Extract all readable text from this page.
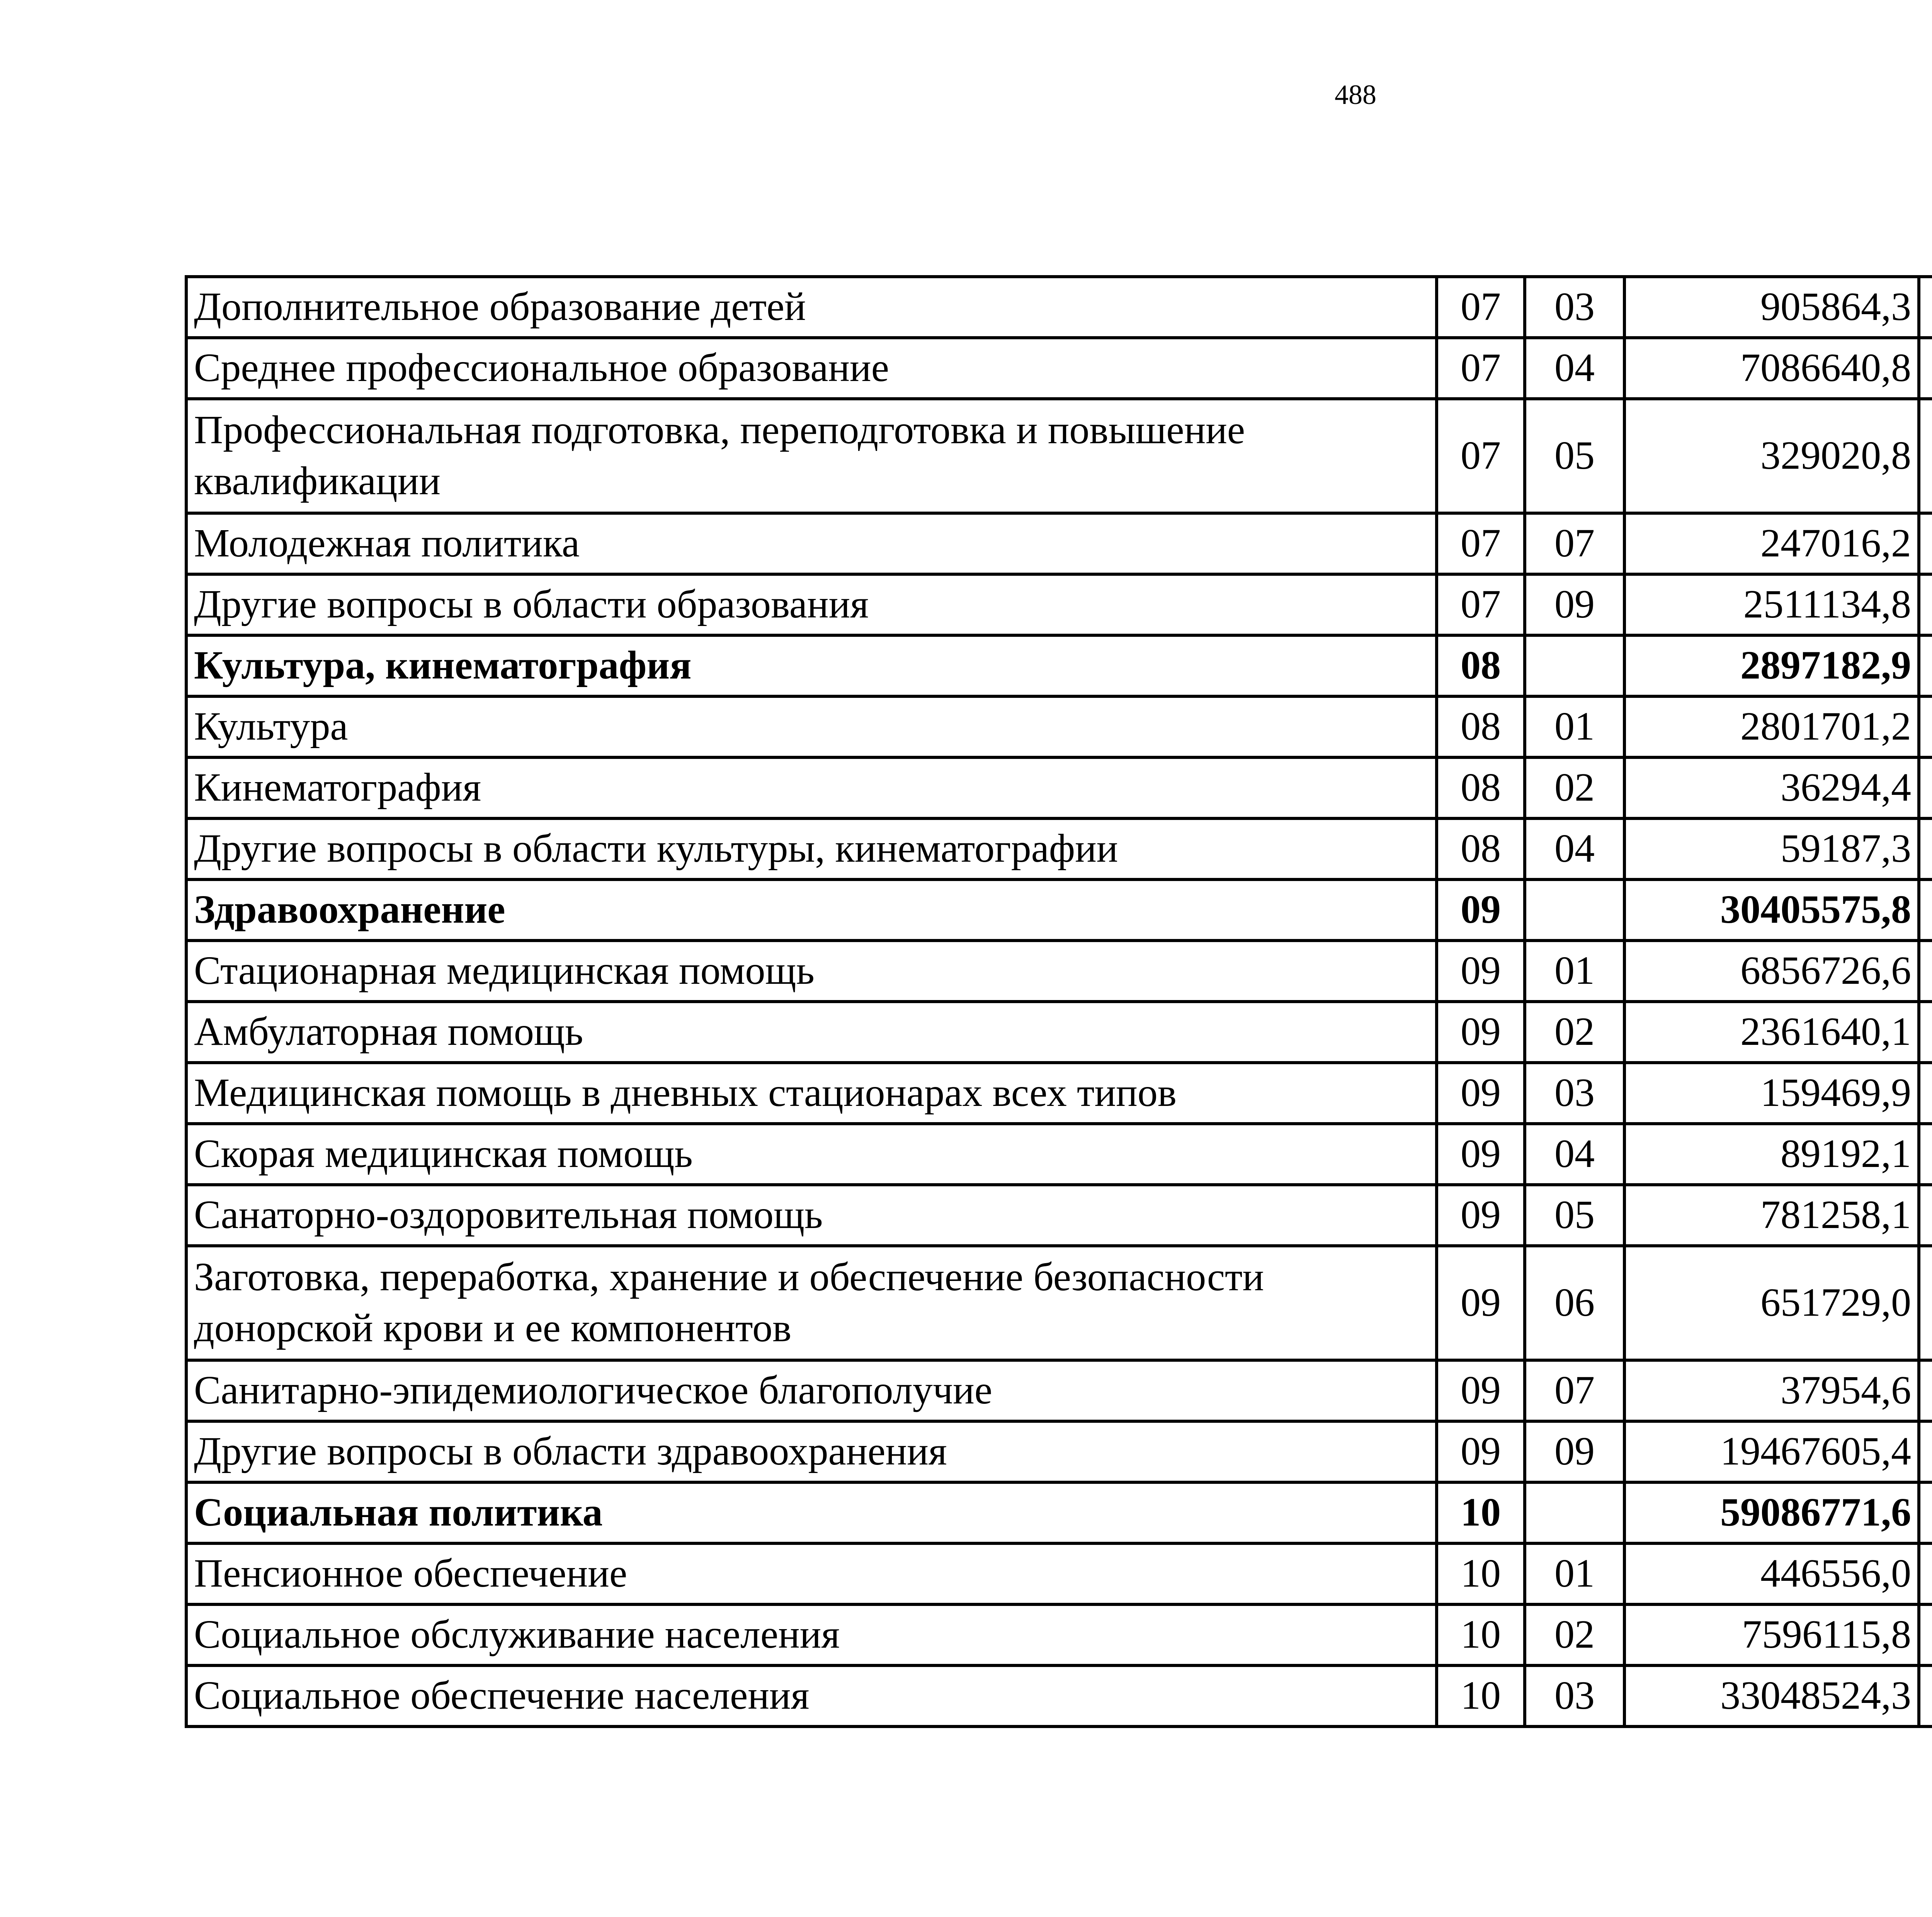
488
Дополнительное образование детей	07	03	905864,3		
Среднее профессиональное образование	07	04	7086640,8		
Профессиональная подготовка, переподготовка и повышение квалификации	07	05	329020,8		
Молодежная политика	07	07	247016,2		
Другие вопросы в области образования	07	09	2511134,8		
Культура, кинематография	08		2897182,9		
Культура	08	01	2801701,2		
Кинематография	08	02	36294,4		
Другие вопросы в области культуры, кинематографии	08	04	59187,3		
Здравоохранение	09		30405575,8		
Стационарная медицинская помощь	09	01	6856726,6		
Амбулаторная помощь	09	02	2361640,1		
Медицинская помощь в дневных стационарах всех типов	09	03	159469,9		
Скорая медицинская помощь	09	04	89192,1		
Санаторно-оздоровительная помощь	09	05	781258,1		
Заготовка, переработка, хранение и обеспечение безопасности донорской крови и ее компонентов	09	06	651729,0		
Санитарно-эпидемиологическое благополучие	09	07	37954,6		
Другие вопросы в области здравоохранения	09	09	19467605,4		
Социальная политика	10		59086771,6		
Пенсионное обеспечение	10	01	446556,0		
Социальное обслуживание населения	10	02	7596115,8		
Социальное обеспечение населения	10	03	33048524,3		
